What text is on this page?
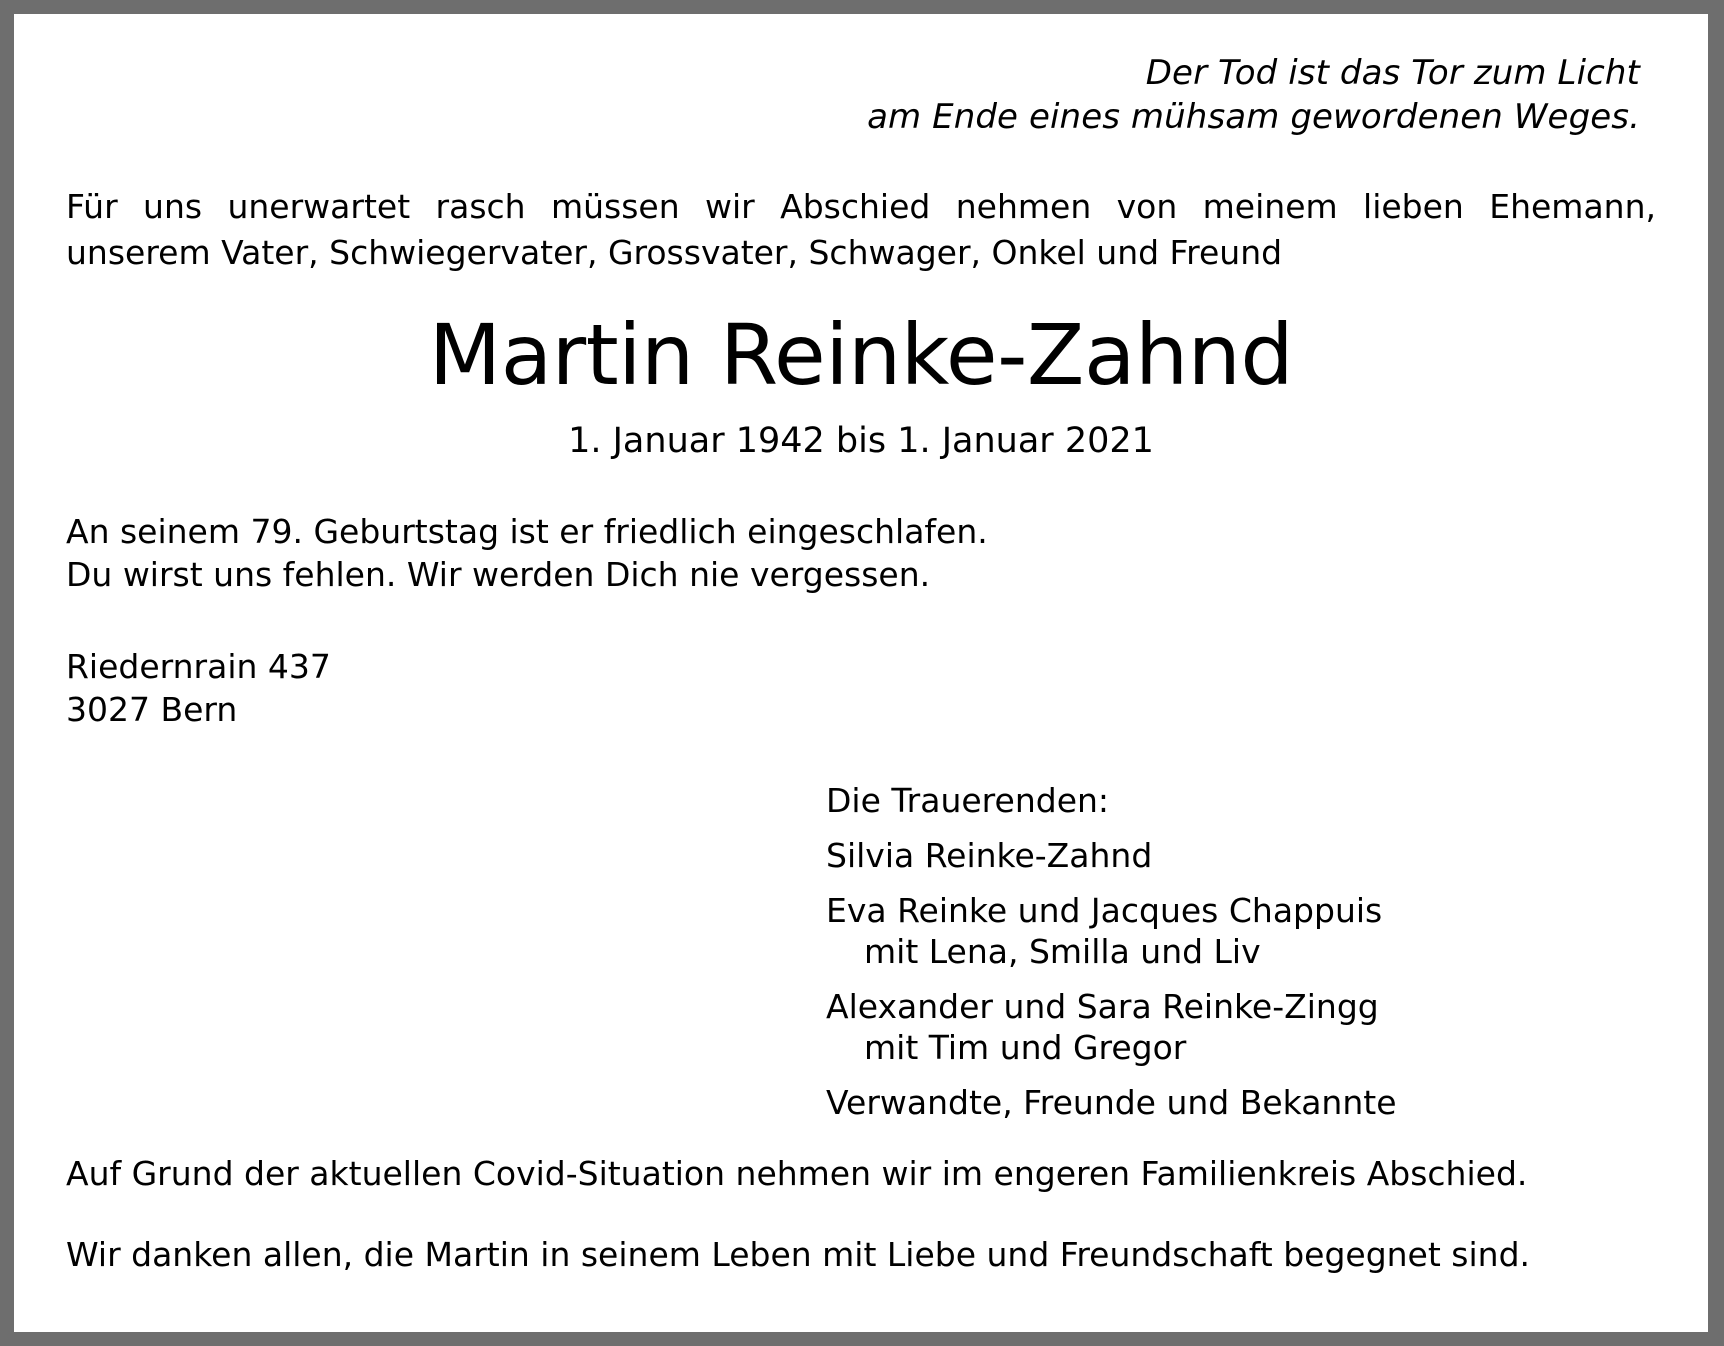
Der Tod ist das Tor zum Licht
am Ende eines mühsam gewordenen Weges.
Für uns unerwartet rasch müssen wir Abschied nehmen von meinem lieben Ehemann,
unserem Vater, Schwiegervater, Grossvater, Schwager, Onkel und Freund
Martin Reinke-Zahnd
1. Januar 1942 bis 1. Januar 2021
An seinem 79. Geburtstag ist er friedlich eingeschlafen.
Du wirst uns fehlen. Wir werden Dich nie vergessen.
Riedernrain 437
3027 Bern
Die Trauerenden:
Silvia Reinke-Zahnd
Eva Reinke und Jacques Chappuis
mit Lena, Smilla und Liv
Alexander und Sara Reinke-Zingg
mit Tim und Gregor
Verwandte, Freunde und Bekannte
Auf Grund der aktuellen Covid-Situation nehmen wir im engeren Familienkreis Abschied.
Wir danken allen, die Martin in seinem Leben mit Liebe und Freundschaft begegnet sind.
